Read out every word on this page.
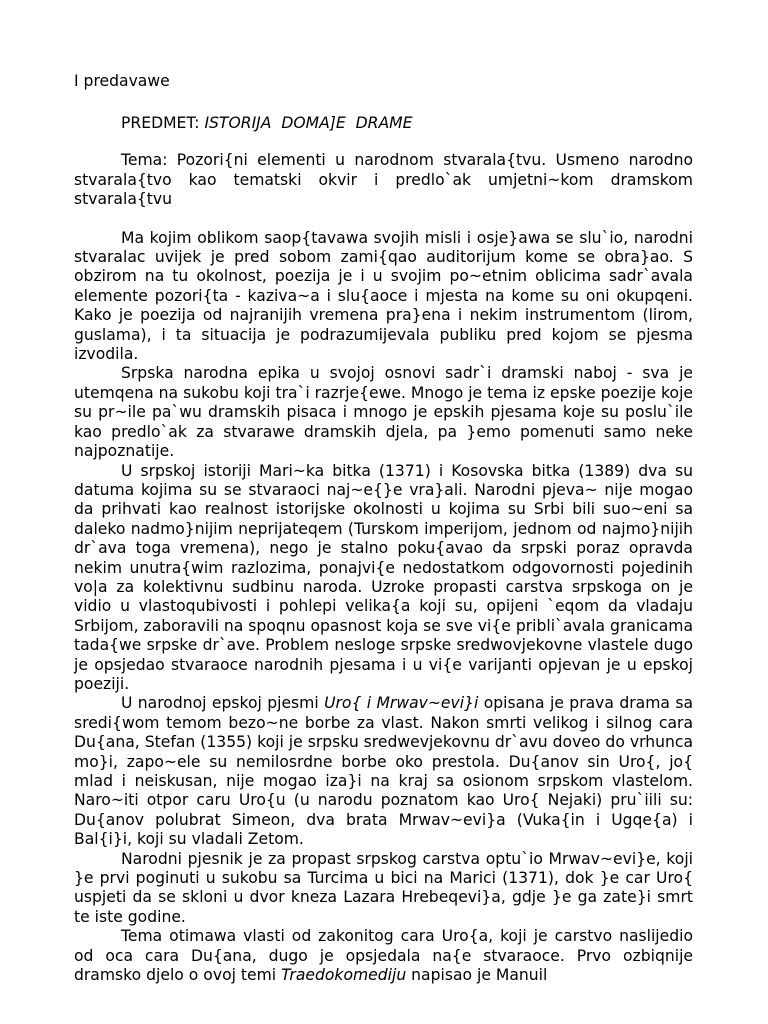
I predavawe

PREDMET: ISTORIJA  DOMA]E  DRAME

Tema: Pozori{ni elementi u narodnom stvarala{tvu. Usmeno narodno stvarala{tvo kao tematski okvir i predlo`ak umjetni~kom dramskom stvarala{tvu

Ma kojim oblikom saop{tavawa svojih misli i osje}awa se slu`io, narodni stvaralac uvijek je pred sobom zami{qao auditorijum kome se obra}ao. S obzirom na tu okolnost, poezija je i u svojim po~etnim oblicima sadr`avala elemente pozori{ta - kaziva~a i slu{aoce i mjesta na kome su oni okupqeni. Kako je poezija od najranijih vremena pra}ena i nekim instrumentom (lirom, guslama), i ta situacija je podrazumijevala publiku pred kojom se pjesma izvodila.

Srpska narodna epika u svojoj osnovi sadr`i dramski naboj - sva je utemqena na sukobu koji tra`i razrje{ewe. Mnogo je tema iz epske poezije koje su pr~ile pa`wu dramskih pisaca i mnogo je epskih pjesama koje su poslu`ile kao predlo`ak za stvarawe dramskih djela, pa }emo pomenuti samo neke najpoznatije.

U srpskoj istoriji Mari~ka bitka (1371) i Kosovska bitka (1389) dva su datuma kojima su se stvaraoci naj~e{}e vra}ali. Narodni pjeva~ nije mogao da prihvati kao realnost istorijske okolnosti u kojima su Srbi bili suo~eni sa daleko nadmo}nijim neprijateqem (Turskom imperijom, jednom od najmo}nijih dr`ava toga vremena), nego je stalno poku{avao da srpski poraz opravda nekim unutra{wim razlozima, ponajvi{e nedostatkom odgovornosti pojedinih vo|a za kolektivnu sudbinu naroda. Uzroke propasti carstva srpskoga on je vidio u vlastoqubivosti i pohlepi velika{a koji su, opijeni `eqom da vladaju Srbijom, zaboravili na spoqnu opasnost koja se sve vi{e pribli`avala granicama tada{we srpske dr`ave. Problem nesloge srpske sredwovjekovne vlastele dugo je opsjedao stvaraoce narodnih pjesama i u vi{e varijanti opjevan je u epskoj poeziji.

U narodnoj epskoj pjesmi Uro{ i Mrwav~evi}i opisana je prava drama sa sredi{wom temom bezo~ne borbe za vlast. Nakon smrti velikog i silnog cara Du{ana, Stefan (1355) koji je srpsku sredwevjekovnu dr`avu doveo do vrhunca mo}i, zapo~ele su nemilosrdne borbe oko prestola. Du{anov sin Uro{, jo{ mlad i neiskusan, nije mogao iza}i na kraj sa osionom srpskom vlastelom. Naro~iti otpor caru Uro{u (u narodu poznatom kao Uro{ Nejaki) pru`iili su: Du{anov polubrat Simeon, dva brata Mrwav~evi}a (Vuka{in i Ugqe{a) i Bal{i}i, koji su vladali Zetom.

Narodni pjesnik je za propast srpskog carstva optu`io Mrwav~evi}e, koji }e prvi poginuti u sukobu sa Turcima u bici na Marici (1371), dok }e car Uro{ uspjeti da se skloni u dvor kneza Lazara Hrebeqevi}a, gdje }e ga zate}i smrt te iste godine.

Tema otimawa vlasti od zakonitog cara Uro{a, koji je carstvo naslijedio od oca cara Du{ana, dugo je opsjedala na{e stvaraoce. Prvo ozbiqnije dramsko djelo o ovoj temi Traedokomediju napisao je Manuil
